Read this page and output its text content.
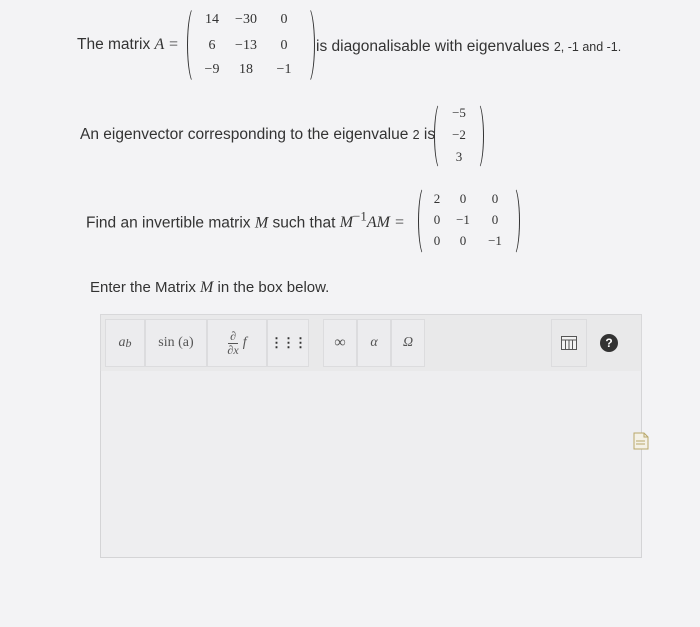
The matrix A =
14	−30	0
6	−13	0
−9	18	−1
is diagonalisable with eigenvalues 2, -1 and -1.
An eigenvector corresponding to the eigenvalue 2 is
−5
−2
3
Find an invertible matrix M such that $M^{-1}AM$ =
2	0	0
0	−1	0
0	0	−1
Enter the Matrix M in the box below.
a b sin (a)	∂
∂x f ⋮⋮⋮	∞	α	Ω	?
